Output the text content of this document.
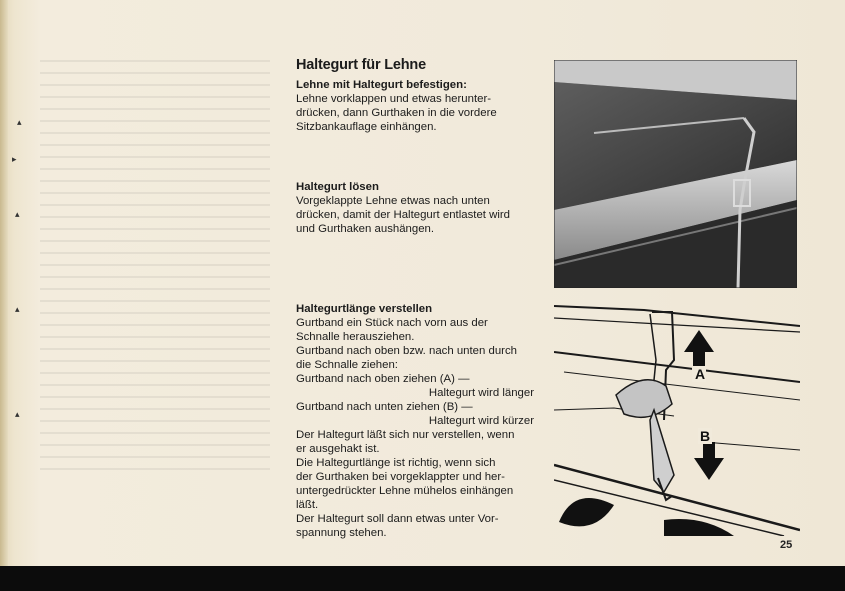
▴
▸
▴
▴
▴
Haltegurt für Lehne

Lehne mit Haltegurt befestigen:

Lehne vorklappen und etwas herunter-
drücken, dann Gurthaken in die vordere
Sitzbankauflage einhängen.

Haltegurt lösen

Vorgeklappte Lehne etwas nach unten
drücken, damit der Haltegurt entlastet wird
und Gurthaken aushängen.

Haltegurtlänge verstellen

Gurtband ein Stück nach vorn aus der
Schnalle herausziehen.
Gurtband nach oben bzw. nach unten durch
die Schnalle ziehen:
Gurtband nach oben ziehen (A) —
Haltegurt wird länger
Gurtband nach unten ziehen (B) —
Haltegurt wird kürzer
Der Haltegurt läßt sich nur verstellen, wenn
er ausgehakt ist.
Die Haltegurtlänge ist richtig, wenn sich
der Gurthaken bei vorgeklappter und her-
untergedrückter Lehne mühelos einhängen
läßt.
Der Haltegurt soll dann etwas unter Vor-
spannung stehen.

A
B
25
